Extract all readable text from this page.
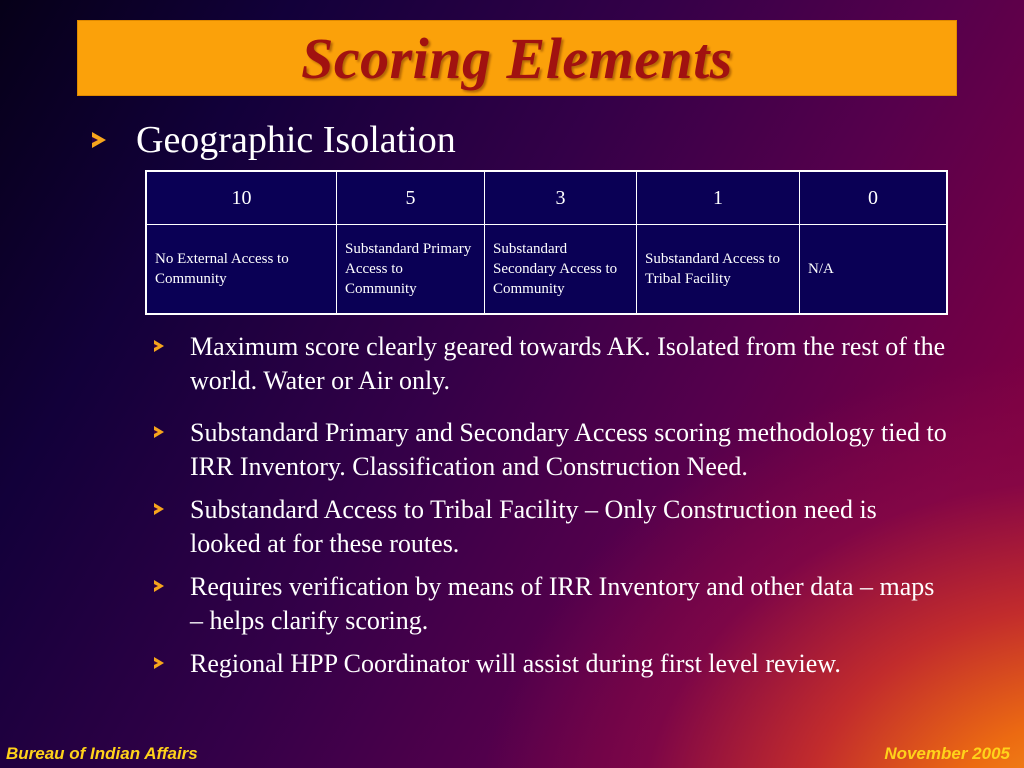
Scoring Elements
Geographic Isolation
10	5	3	1	0
No External Access to Community	Substandard Primary Access to Community	Substandard Secondary Access to Community	Substandard Access to Tribal Facility	N/A
Maximum score clearly geared towards AK. Isolated from the rest of the world. Water or Air only.
Substandard Primary and Secondary Access scoring methodology tied to IRR Inventory. Classification and Construction Need.
Substandard Access to Tribal Facility – Only Construction need is looked at for these routes.
Requires verification by means of IRR Inventory and other data – maps – helps clarify scoring.
Regional HPP Coordinator will assist during first level review.
Bureau of Indian Affairs	November 2005
